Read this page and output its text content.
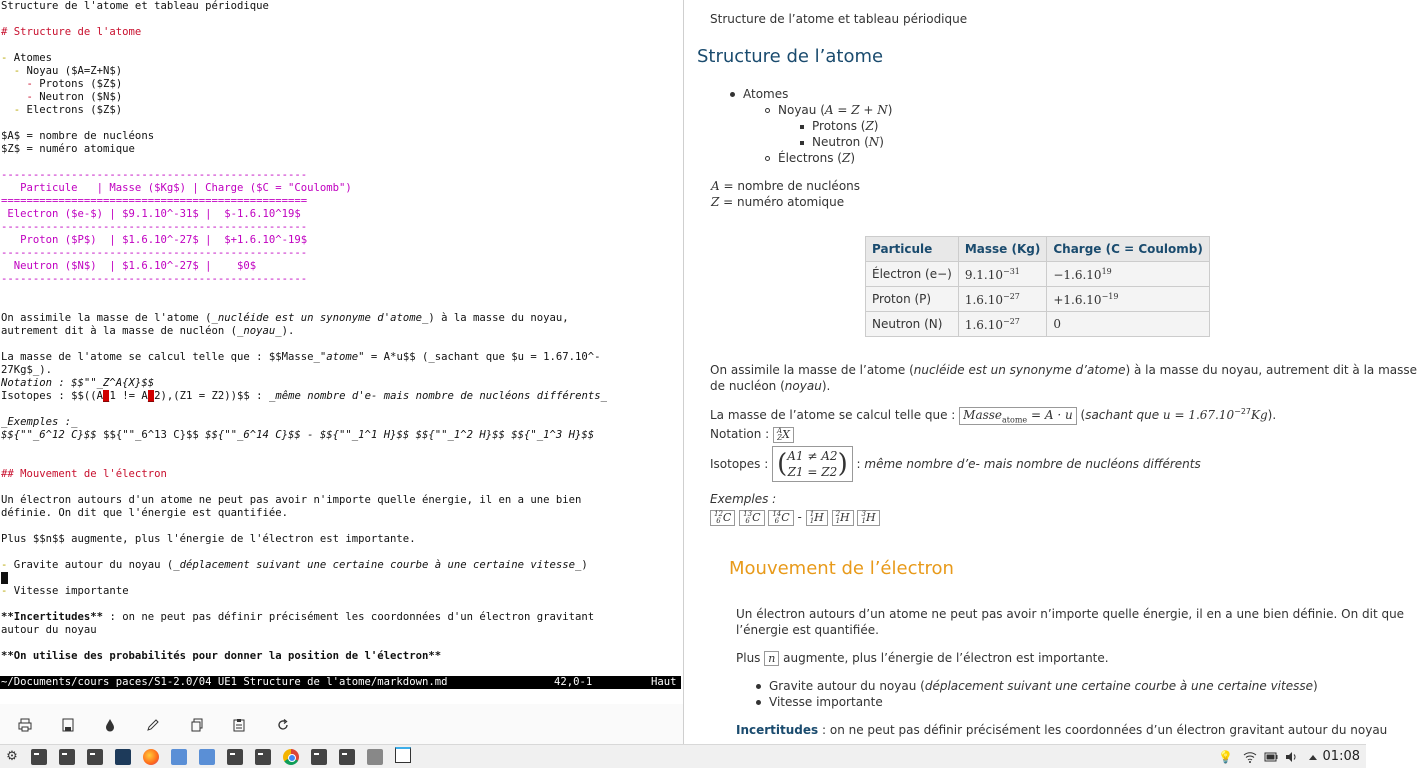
Structure de l'atome et tableau périodique
# Structure de l'atome
- Atomes
- Noyau ($A=Z+N$)
- Protons ($Z$)
- Neutron ($N$)
- Electrons ($Z$)
$A$ = nombre de nucléons
$Z$ = numéro atomique
------------------------------------------------
Particule   | Masse ($Kg$) | Charge ($C = "Coulomb")
================================================
Electron ($e-$) | $9.1.10^-31$ |  $-1.6.10^19$
------------------------------------------------
Proton ($P$)  | $1.6.10^-27$ |  $+1.6.10^-19$
------------------------------------------------
Neutron ($N$)  | $1.6.10^-27$ |    $0$
------------------------------------------------
On assimile la masse de l'atome (_nucléide est un synonyme d'atome_) à la masse du noyau,
autrement dit à la masse de nucléon (_noyau_).
La masse de l'atome se calcul telle que : $$Masse_"atome" = A*u$$ (_sachant que $u = 1.67.10^-
27Kg$_).
Notation : $$""_Z^A{X}$$
Isotopes : $$((A_1 != A_2),(Z1 = Z2))$$ : _même nombre d'e- mais nombre de nucléons différents_
_Exemples :_
$${""_6^12 C}$$ $${""_6^13 C}$$ $${""_6^14 C}$$ - $${""_1^1 H}$$ $${""_1^2 H}$$ $${"_1^3 H}$$
## Mouvement de l'électron
Un électron autours d'un atome ne peut pas avoir n'importe quelle énergie, il en a une bien
définie. On dit que l'énergie est quantifiée.
Plus $$n$$ augmente, plus l'énergie de l'électron est importante.
- Gravite autour du noyau (_déplacement suivant une certaine courbe à une certaine vitesse_)
- Vitesse importante
**Incertitudes** : on ne peut pas définir précisément les coordonnées d'un électron gravitant
autour du noyau
**On utilise des probabilités pour donner la position de l'électron**

~/Documents/cours paces/S1-2.0/04 UE1 Structure de l'atome/markdown.md

	42,0-1

	Haut

Structure de l’atome et tableau périodique
Structure de l’atome
Atomes
Noyau (A = Z + N)
Protons (Z)
Neutron (N)
Électrons (Z)
A = nombre de nucléons
Z = numéro atomique
Particule	Masse (Kg)	Charge (C = Coulomb)
Électron (e−)	$9.1.10^{-31}$	$-1.6.10^{19}$
Proton (P)	$1.6.10^{-27}$	$+1.6.10^{-19}$
Neutron (N)	$1.6.10^{-27}$	0
On assimile la masse de l’atome (nucléide est un synonyme d’atome) à la masse du noyau, autrement dit à la masse
de nucléon (noyau).
La masse de l’atome se calcul telle que : Masse$_{atome}$ = A · u (sachant que $u = 1.67.10^{-27}Kg$).
Notation : A
Z X
Isotopes : ( A1 ≠ A2
Z1 = Z2 ) : même nombre d’e- mais nombre de nucléons différents
Exemples :
12
6 C 13
6 C 14
6 C - 1
1 H 2
1 H 3
1 H
Mouvement de l’électron
Un électron autours d’un atome ne peut pas avoir n’importe quelle énergie, il en a une bien définie. On dit que
l’énergie est quantifiée.
Plus n augmente, plus l’énergie de l’électron est importante.
Gravite autour du noyau (déplacement suivant une certaine courbe à une certaine vitesse)
Vitesse importante
Incertitudes : on ne peut pas définir précisément les coordonnées d’un électron gravitant autour du noyau
⚙	💡	01:08
